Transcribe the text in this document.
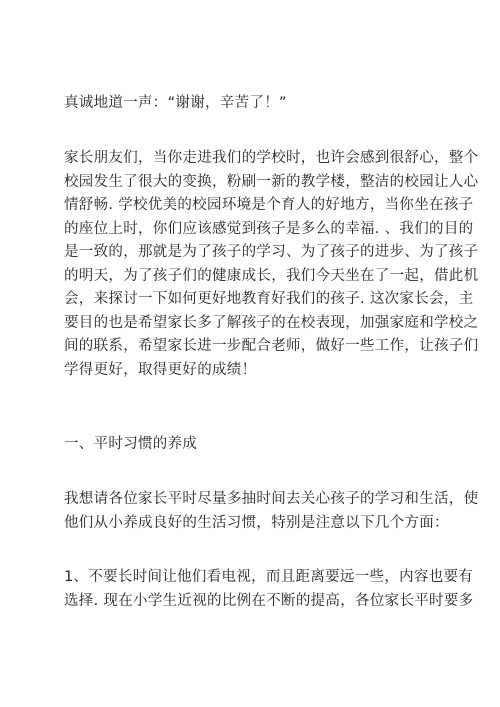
真诚地道一声：“谢谢，辛苦了！”

家长朋友们，当你走进我们的学校时，也许会感到很舒心，整个
校园发生了很大的变换，粉刷一新的教学楼，整洁的校园让人心
情舒畅. 学校优美的校园环境是个育人的好地方，当你坐在孩子
的座位上时，你们应该感觉到孩子是多么的幸福. 、我们的目的
是一致的，那就是为了孩子的学习、为了孩子的进步、为了孩子
的明天，为了孩子们的健康成长，我们今天坐在了一起，借此机
会，来探讨一下如何更好地教育好我们的孩子. 这次家长会，主
要目的也是希望家长多了解孩子的在校表现，加强家庭和学校之
间的联系，希望家长进一步配合老师，做好一些工作，让孩子们
学得更好，取得更好的成绩！

一、平时习惯的养成

我想请各位家长平时尽量多抽时间去关心孩子的学习和生活，使
他们从小养成良好的生活习惯，特别是注意以下几个方面：

1、不要长时间让他们看电视，而且距离要远一些，内容也要有
选择. 现在小学生近视的比例在不断的提高，各位家长平时要多
